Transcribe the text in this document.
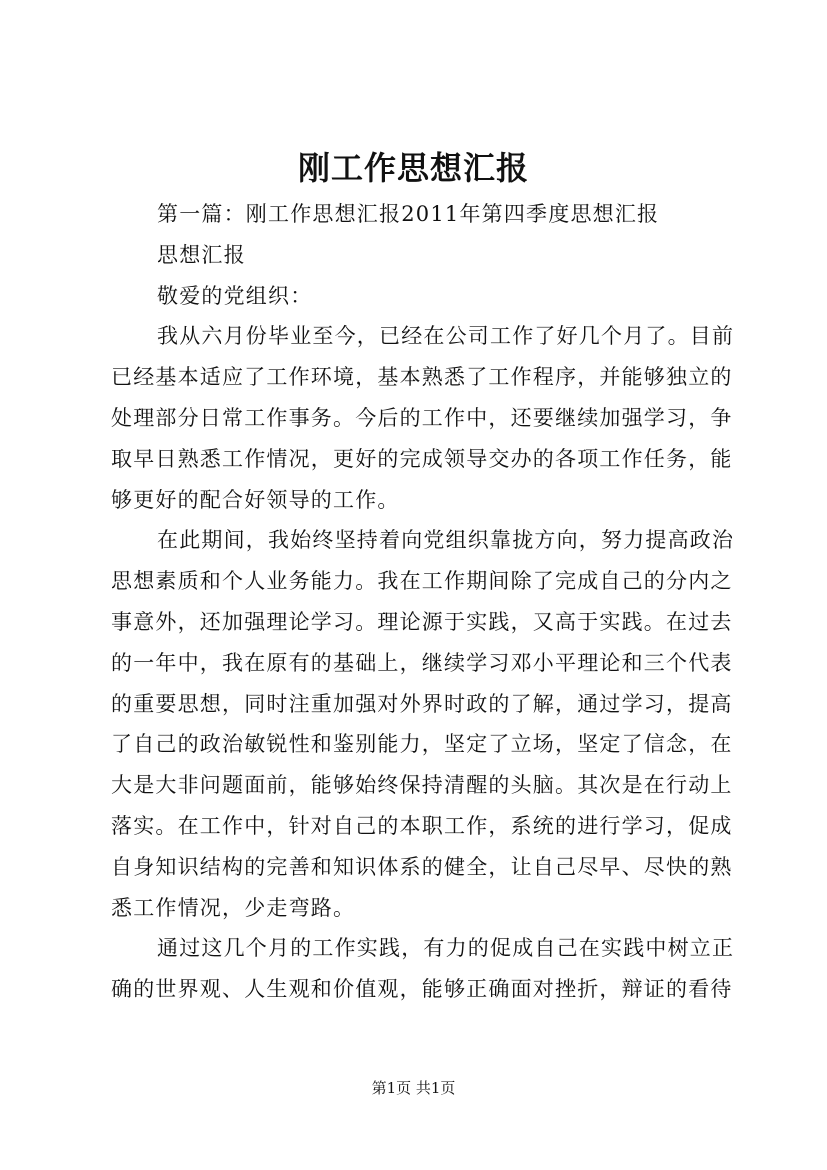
刚工作思想汇报
第一篇：刚工作思想汇报2011年第四季度思想汇报
思想汇报
敬爱的党组织：
我从六月份毕业至今，已经在公司工作了好几个月了。目前
已经基本适应了工作环境，基本熟悉了工作程序，并能够独立的
处理部分日常工作事务。今后的工作中，还要继续加强学习，争
取早日熟悉工作情况，更好的完成领导交办的各项工作任务，能
够更好的配合好领导的工作。
在此期间，我始终坚持着向党组织靠拢方向，努力提高政治
思想素质和个人业务能力。我在工作期间除了完成自己的分内之
事意外，还加强理论学习。理论源于实践，又高于实践。在过去
的一年中，我在原有的基础上，继续学习邓小平理论和三个代表
的重要思想，同时注重加强对外界时政的了解，通过学习，提高
了自己的政治敏锐性和鉴别能力，坚定了立场，坚定了信念，在
大是大非问题面前，能够始终保持清醒的头脑。其次是在行动上
落实。在工作中，针对自己的本职工作，系统的进行学习，促成
自身知识结构的完善和知识体系的健全，让自己尽早、尽快的熟
悉工作情况，少走弯路。
通过这几个月的工作实践，有力的促成自己在实践中树立正
确的世界观、人生观和价值观，能够正确面对挫折，辩证的看待
第1页 共1页
